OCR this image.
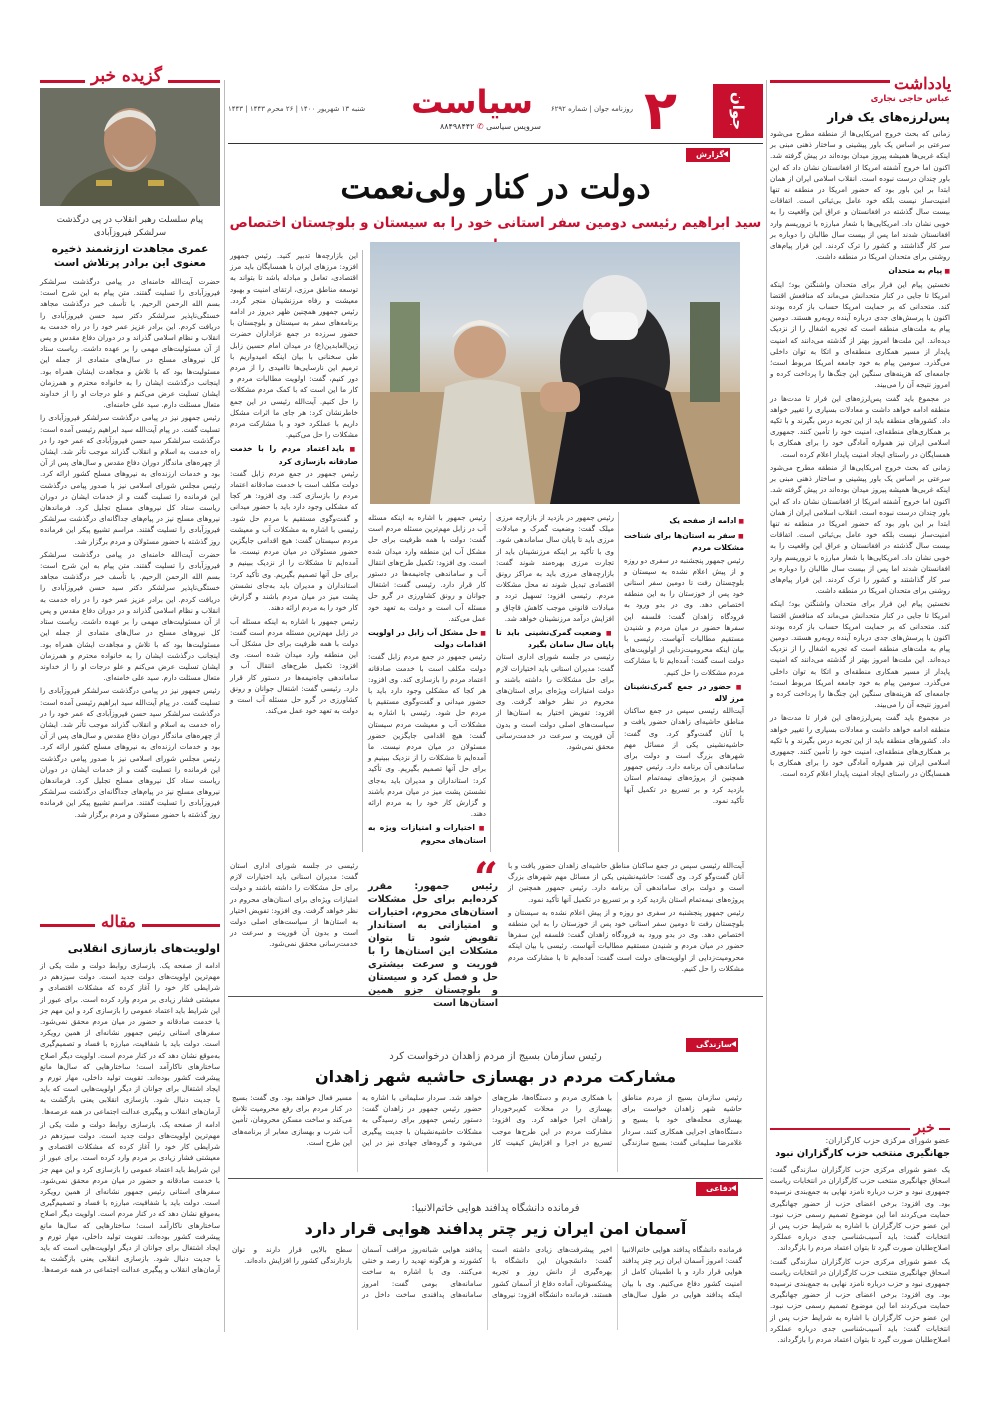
۲	جوان
روزنامه جوان | شماره ۶۲۹۲
سیاست
سرویس سیاسی ✆ ۸۸۴۹۸۴۴۲
شنبه ۱۳ شهریور ۱۴۰۰ | ۲۶ محرم ۱۴۴۳ | ۱۴۴۳
گزارش
دولت در کنار ولی‌نعمت
سید ابراهیم رئیسی دومین سفر استانی خود را به سیستان و بلوچستان اختصاص
■ ادامه از صفحه یک
■ سفر به استان‌ها برای شناخت مشکلات مردم

رئیس جمهور پنجشنبه در سفری دو روزه و از پیش اعلام نشده به سیستان و بلوچستان رفت تا دومین سفر استانی خود پس از خوزستان را به این منطقه اختصاص دهد. وی در بدو ورود به فرودگاه زاهدان گفت: فلسفه این سفرها حضور در میان مردم و شنیدن مستقیم مطالبات آنهاست. رئیسی با بیان اینکه محرومیت‌زدایی از اولویت‌های دولت است گفت: آمده‌ایم تا با مشارکت مردم مشکلات را حل کنیم.

■ حضور در جمع گمرک‌نشینان مرز لاله

آیت‌الله رئیسی سپس در جمع ساکنان مناطق حاشیه‌ای زاهدان حضور یافت و با آنان گفت‌وگو کرد. وی گفت: حاشیه‌نشینی یکی از مسائل مهم شهرهای بزرگ است و دولت برای ساماندهی آن برنامه دارد. رئیس جمهور همچنین از پروژه‌های نیمه‌تمام استان بازدید کرد و بر تسریع در تکمیل آنها تأکید نمود.

رئیس جمهور در بازدید از بازارچه مرزی میلک گفت: وضعیت گمرک و مبادلات مرزی باید تا پایان سال ساماندهی شود. وی با تأکید بر اینکه مرزنشینان باید از تجارت مرزی بهره‌مند شوند گفت: بازارچه‌های مرزی باید به مراکز رونق اقتصادی تبدیل شوند نه محل مشکلات مردم. رئیسی افزود: تسهیل تردد و مبادلات قانونی موجب کاهش قاچاق و افزایش درآمد مرزنشینان خواهد شد.

■ وضعیت گمرک‌نشینی باید تا پایان سال سامان بگیرد

رئیسی در جلسه شورای اداری استان گفت: مدیران استانی باید اختیارات لازم برای حل مشکلات را داشته باشند و دولت امتیازات ویژه‌ای برای استان‌های محروم در نظر خواهد گرفت. وی افزود: تفویض اختیار به استان‌ها از سیاست‌های اصلی دولت است و بدون آن فوریت و سرعت در خدمت‌رسانی محقق نمی‌شود.

رئیس جمهور با اشاره به اینکه مسئله آب در زابل مهم‌ترین مسئله مردم است گفت: دولت با همه ظرفیت برای حل مشکل آب این منطقه وارد میدان شده است. وی افزود: تکمیل طرح‌های انتقال آب و ساماندهی چاه‌نیمه‌ها در دستور کار قرار دارد. رئیسی گفت: اشتغال جوانان و رونق کشاورزی در گرو حل مسئله آب است و دولت به تعهد خود عمل می‌کند.

■ حل مشکل آب زابل در اولویت اقدامات دولت

رئیس جمهور در جمع مردم زابل گفت: دولت مکلف است با خدمت صادقانه اعتماد مردم را بازسازی کند. وی افزود: هر کجا که مشکلی وجود دارد باید با حضور میدانی و گفت‌وگوی مستقیم با مردم حل شود. رئیسی با اشاره به مشکلات آب و معیشت مردم سیستان گفت: هیچ اقدامی جایگزین حضور مسئولان در میان مردم نیست. ما آمده‌ایم تا مشکلات را از نزدیک ببینیم و برای حل آنها تصمیم بگیریم. وی تأکید کرد: استانداران و مدیران باید به‌جای نشستن پشت میز در میان مردم باشند و گزارش کار خود را به مردم ارائه دهند.

■ اختیارات و امتیازات ویژه به استان‌های محروم

این بازارچه‌ها تدبیر کنید. رئیس جمهور افزود: مرزهای ایران با همسایگان باید مرز اقتصادی، تعامل و مبادله باشد تا بتواند به توسعه مناطق مرزی، ارتقای امنیت و بهبود معیشت و رفاه مرزنشینان منجر گردد. رئیس جمهور همچنین ظهر دیروز در ادامه برنامه‌های سفر به سیستان و بلوچستان با حضور سرزده در جمع عزاداران حضرت زین‌العابدین(ع) در میدان امام حسین زابل طی سخنانی با بیان اینکه امیدواریم با ترمیم این نارسایی‌ها ناامیدی را از مردم دور کنیم، گفت: اولویت مطالبات مردم و کار ما این است که با کمک مردم مشکلات را حل کنیم. آیت‌الله رئیسی در این جمع خاطرنشان کرد: هر جای ما اثرات مشکل داریم با عملکرد خود و با مشارکت مردم مشکلات را حل می‌کنیم.

■ باید اعتماد مردم را با خدمت صادقانه بازسازی کرد

رئیس جمهور در جمع مردم زابل گفت: دولت مکلف است با خدمت صادقانه اعتماد مردم را بازسازی کند. وی افزود: هر کجا که مشکلی وجود دارد باید با حضور میدانی و گفت‌وگوی مستقیم با مردم حل شود. رئیسی با اشاره به مشکلات آب و معیشت مردم سیستان گفت: هیچ اقدامی جایگزین حضور مسئولان در میان مردم نیست. ما آمده‌ایم تا مشکلات را از نزدیک ببینیم و برای حل آنها تصمیم بگیریم. وی تأکید کرد: استانداران و مدیران باید به‌جای نشستن پشت میز در میان مردم باشند و گزارش کار خود را به مردم ارائه دهند.

رئیس جمهور با اشاره به اینکه مسئله آب در زابل مهم‌ترین مسئله مردم است گفت: دولت با همه ظرفیت برای حل مشکل آب این منطقه وارد میدان شده است. وی افزود: تکمیل طرح‌های انتقال آب و ساماندهی چاه‌نیمه‌ها در دستور کار قرار دارد. رئیسی گفت: اشتغال جوانان و رونق کشاورزی در گرو حل مسئله آب است و دولت به تعهد خود عمل می‌کند.

“
رئیس جمهور: مقرر کرده‌ایم برای حل مشکلات استان‌های محروم، اختیارات و امتیازاتی به استاندار تفویض شود تا بتوان مشکلات این استان‌ها را با فوریت و سرعت بیشتری حل و فصل کرد و سیستان و بلوچستان جزو همین استان‌ها است

رئیسی در جلسه شورای اداری استان گفت: مدیران استانی باید اختیارات لازم برای حل مشکلات را داشته باشند و دولت امتیازات ویژه‌ای برای استان‌های محروم در نظر خواهد گرفت. وی افزود: تفویض اختیار به استان‌ها از سیاست‌های اصلی دولت است و بدون آن فوریت و سرعت در خدمت‌رسانی محقق نمی‌شود.

آیت‌الله رئیسی سپس در جمع ساکنان مناطق حاشیه‌ای زاهدان حضور یافت و با آنان گفت‌وگو کرد. وی گفت: حاشیه‌نشینی یکی از مسائل مهم شهرهای بزرگ است و دولت برای ساماندهی آن برنامه دارد. رئیس جمهور همچنین از پروژه‌های نیمه‌تمام استان بازدید کرد و بر تسریع در تکمیل آنها تأکید نمود.

رئیس جمهور پنجشنبه در سفری دو روزه و از پیش اعلام نشده به سیستان و بلوچستان رفت تا دومین سفر استانی خود پس از خوزستان را به این منطقه اختصاص دهد. وی در بدو ورود به فرودگاه زاهدان گفت: فلسفه این سفرها حضور در میان مردم و شنیدن مستقیم مطالبات آنهاست. رئیسی با بیان اینکه محرومیت‌زدایی از اولویت‌های دولت است گفت: آمده‌ایم تا با مشارکت مردم مشکلات را حل کنیم.

سازندگی
رئیس سازمان بسیج از مردم زاهدان درخواست کرد
مشارکت مردم در بهسازی حاشیه شهر زاهدان

رئیس سازمان بسیج از مردم مناطق حاشیه شهر زاهدان خواست برای بهسازی محله‌های خود با بسیج و دستگاه‌های اجرایی همکاری کنند. سردار غلامرضا سلیمانی گفت: بسیج سازندگی با همکاری مردم و دستگاه‌ها، طرح‌های بهسازی را در محلات کم‌برخوردار زاهدان اجرا خواهد کرد. وی افزود: مشارکت مردم در این طرح‌ها موجب تسریع در اجرا و افزایش کیفیت کار خواهد شد. سردار سلیمانی با اشاره به حضور رئیس جمهور در زاهدان گفت: دستور رئیس جمهور برای رسیدگی به مشکلات حاشیه‌نشینان با جدیت پیگیری می‌شود و گروه‌های جهادی نیز در این مسیر فعال خواهند بود. وی گفت: بسیج در کنار مردم برای رفع محرومیت تلاش می‌کند و ساخت مسکن محرومان، تأمین آب شرب و بهسازی معابر از برنامه‌های این طرح است.

دفاعی
فرمانده دانشگاه پدافند هوایی خاتم‌الانبیا:
آسمان امن ایران زیر چتر پدافند هوایی قرار دارد

فرمانده دانشگاه پدافند هوایی خاتم‌الانبیا گفت: امروز آسمان ایران زیر چتر پدافند هوایی قرار دارد و با اطمینان کامل از امنیت کشور دفاع می‌کنیم. وی با بیان اینکه پدافند هوایی در طول سال‌های اخیر پیشرفت‌های زیادی داشته است گفت: دانشجویان این دانشگاه با بهره‌گیری از دانش روز و تجربه پیشکسوتان، آماده دفاع از آسمان کشور هستند. فرمانده دانشگاه افزود: نیروهای پدافند هوایی شبانه‌روز مراقب آسمان کشورند و هرگونه تهدید را رصد و خنثی می‌کنند. وی با اشاره به ساخت سامانه‌های بومی گفت: امروز سامانه‌های پدافندی ساخت داخل در سطح بالایی قرار دارند و توان بازدارندگی کشور را افزایش داده‌اند.

یادداشت
عباس حاجی نجاری
پس‌لرزه‌های یک فرار

زمانی که بحث خروج امریکایی‌ها از منطقه مطرح می‌شود سرعتی بر اساس یک باور پیشینی و ساختار ذهنی مبنی بر اینکه غربی‌ها همیشه پیروز میدان بوده‌اند در پیش گرفته شد. اکنون اما خروج آشفته امریکا از افغانستان نشان داد که این باور چندان درست نبوده است. انقلاب اسلامی ایران از همان ابتدا بر این باور بود که حضور امریکا در منطقه نه تنها امنیت‌ساز نیست بلکه خود عامل بی‌ثباتی است. اتفاقات بیست سال گذشته در افغانستان و عراق این واقعیت را به خوبی نشان داد. امریکایی‌ها با شعار مبارزه با تروریسم وارد افغانستان شدند اما پس از بیست سال طالبان را دوباره بر سر کار گذاشتند و کشور را ترک کردند. این فرار پیام‌های روشنی برای متحدان امریکا در منطقه داشت.

■ پیام به متحدان

نخستین پیام این فرار برای متحدان واشنگتن بود؛ اینکه امریکا تا جایی در کنار متحدانش می‌ماند که منافعش اقتضا کند. متحدانی که بر حمایت امریکا حساب باز کرده بودند اکنون با پرسش‌های جدی درباره آینده روبه‌رو هستند. دومین پیام به ملت‌های منطقه است که تجربه اشغال را از نزدیک دیده‌اند. این ملت‌ها امروز بهتر از گذشته می‌دانند که امنیت پایدار از مسیر همکاری منطقه‌ای و اتکا به توان داخلی می‌گذرد. سومین پیام به خود جامعه امریکا مربوط است؛ جامعه‌ای که هزینه‌های سنگین این جنگ‌ها را پرداخت کرده و امروز نتیجه آن را می‌بیند.

در مجموع باید گفت پس‌لرزه‌های این فرار تا مدت‌ها در منطقه ادامه خواهد داشت و معادلات بسیاری را تغییر خواهد داد. کشورهای منطقه باید از این تجربه درس بگیرند و با تکیه بر همکاری‌های منطقه‌ای، امنیت خود را تأمین کنند. جمهوری اسلامی ایران نیز همواره آمادگی خود را برای همکاری با همسایگان در راستای ایجاد امنیت پایدار اعلام کرده است.

زمانی که بحث خروج امریکایی‌ها از منطقه مطرح می‌شود سرعتی بر اساس یک باور پیشینی و ساختار ذهنی مبنی بر اینکه غربی‌ها همیشه پیروز میدان بوده‌اند در پیش گرفته شد. اکنون اما خروج آشفته امریکا از افغانستان نشان داد که این باور چندان درست نبوده است. انقلاب اسلامی ایران از همان ابتدا بر این باور بود که حضور امریکا در منطقه نه تنها امنیت‌ساز نیست بلکه خود عامل بی‌ثباتی است. اتفاقات بیست سال گذشته در افغانستان و عراق این واقعیت را به خوبی نشان داد. امریکایی‌ها با شعار مبارزه با تروریسم وارد افغانستان شدند اما پس از بیست سال طالبان را دوباره بر سر کار گذاشتند و کشور را ترک کردند. این فرار پیام‌های روشنی برای متحدان امریکا در منطقه داشت.

نخستین پیام این فرار برای متحدان واشنگتن بود؛ اینکه امریکا تا جایی در کنار متحدانش می‌ماند که منافعش اقتضا کند. متحدانی که بر حمایت امریکا حساب باز کرده بودند اکنون با پرسش‌های جدی درباره آینده روبه‌رو هستند. دومین پیام به ملت‌های منطقه است که تجربه اشغال را از نزدیک دیده‌اند. این ملت‌ها امروز بهتر از گذشته می‌دانند که امنیت پایدار از مسیر همکاری منطقه‌ای و اتکا به توان داخلی می‌گذرد. سومین پیام به خود جامعه امریکا مربوط است؛ جامعه‌ای که هزینه‌های سنگین این جنگ‌ها را پرداخت کرده و امروز نتیجه آن را می‌بیند.

در مجموع باید گفت پس‌لرزه‌های این فرار تا مدت‌ها در منطقه ادامه خواهد داشت و معادلات بسیاری را تغییر خواهد داد. کشورهای منطقه باید از این تجربه درس بگیرند و با تکیه بر همکاری‌های منطقه‌ای، امنیت خود را تأمین کنند. جمهوری اسلامی ایران نیز همواره آمادگی خود را برای همکاری با همسایگان در راستای ایجاد امنیت پایدار اعلام کرده است.

خبر
عضو شورای مرکزی حزب کارگزاران:
جهانگیری منتخب حزب کارگزاران نبود

یک عضو شورای مرکزی حزب کارگزاران سازندگی گفت: اسحاق جهانگیری منتخب حزب کارگزاران در انتخابات ریاست جمهوری نبود و حزب درباره نامزد نهایی به جمع‌بندی نرسیده بود. وی افزود: برخی اعضای حزب از حضور جهانگیری حمایت می‌کردند اما این موضوع تصمیم رسمی حزب نبود. این عضو حزب کارگزاران با اشاره به شرایط حزب پس از انتخابات گفت: باید آسیب‌شناسی جدی درباره عملکرد اصلاح‌طلبان صورت گیرد تا بتوان اعتماد مردم را بازگرداند.

یک عضو شورای مرکزی حزب کارگزاران سازندگی گفت: اسحاق جهانگیری منتخب حزب کارگزاران در انتخابات ریاست جمهوری نبود و حزب درباره نامزد نهایی به جمع‌بندی نرسیده بود. وی افزود: برخی اعضای حزب از حضور جهانگیری حمایت می‌کردند اما این موضوع تصمیم رسمی حزب نبود. این عضو حزب کارگزاران با اشاره به شرایط حزب پس از انتخابات گفت: باید آسیب‌شناسی جدی درباره عملکرد اصلاح‌طلبان صورت گیرد تا بتوان اعتماد مردم را بازگرداند.

گزیده خبر
پیام سلسلت رهبر انقلاب در پی درگذشت سرلشکر فیروزآبادی
عمری مجاهدت ارزشمند ذخیره معنوی این برادر پرتلاش است

حضرت آیت‌الله خامنه‌ای در پیامی درگذشت سرلشکر فیروزآبادی را تسلیت گفتند. متن پیام به این شرح است: بسم الله الرحمن الرحیم. با تأسف خبر درگذشت مجاهد خستگی‌ناپذیر سرلشکر دکتر سید حسن فیروزآبادی را دریافت کردم. این برادر عزیز عمر خود را در راه خدمت به انقلاب و نظام اسلامی گذراند و در دوران دفاع مقدس و پس از آن مسئولیت‌های مهمی را بر عهده داشت. ریاست ستاد کل نیروهای مسلح در سال‌های متمادی از جمله این مسئولیت‌ها بود که با تلاش و مجاهدت ایشان همراه بود. اینجانب درگذشت ایشان را به خانواده محترم و همرزمان ایشان تسلیت عرض می‌کنم و علو درجات او را از خداوند متعال مسئلت دارم. سید علی خامنه‌ای.

رئیس جمهور نیز در پیامی درگذشت سرلشکر فیروزآبادی را تسلیت گفت. در پیام آیت‌الله سید ابراهیم رئیسی آمده است: درگذشت سرلشکر سید حسن فیروزآبادی که عمر خود را در راه خدمت به اسلام و انقلاب گذراند موجب تأثر شد. ایشان از چهره‌های ماندگار دوران دفاع مقدس و سال‌های پس از آن بود و خدمات ارزنده‌ای به نیروهای مسلح کشور ارائه کرد. رئیس مجلس شورای اسلامی نیز با صدور پیامی درگذشت این فرمانده را تسلیت گفت و از خدمات ایشان در دوران ریاست ستاد کل نیروهای مسلح تجلیل کرد. فرماندهان نیروهای مسلح نیز در پیام‌های جداگانه‌ای درگذشت سرلشکر فیروزآبادی را تسلیت گفتند. مراسم تشییع پیکر این فرمانده روز گذشته با حضور مسئولان و مردم برگزار شد.

حضرت آیت‌الله خامنه‌ای در پیامی درگذشت سرلشکر فیروزآبادی را تسلیت گفتند. متن پیام به این شرح است: بسم الله الرحمن الرحیم. با تأسف خبر درگذشت مجاهد خستگی‌ناپذیر سرلشکر دکتر سید حسن فیروزآبادی را دریافت کردم. این برادر عزیز عمر خود را در راه خدمت به انقلاب و نظام اسلامی گذراند و در دوران دفاع مقدس و پس از آن مسئولیت‌های مهمی را بر عهده داشت. ریاست ستاد کل نیروهای مسلح در سال‌های متمادی از جمله این مسئولیت‌ها بود که با تلاش و مجاهدت ایشان همراه بود. اینجانب درگذشت ایشان را به خانواده محترم و همرزمان ایشان تسلیت عرض می‌کنم و علو درجات او را از خداوند متعال مسئلت دارم. سید علی خامنه‌ای.

رئیس جمهور نیز در پیامی درگذشت سرلشکر فیروزآبادی را تسلیت گفت. در پیام آیت‌الله سید ابراهیم رئیسی آمده است: درگذشت سرلشکر سید حسن فیروزآبادی که عمر خود را در راه خدمت به اسلام و انقلاب گذراند موجب تأثر شد. ایشان از چهره‌های ماندگار دوران دفاع مقدس و سال‌های پس از آن بود و خدمات ارزنده‌ای به نیروهای مسلح کشور ارائه کرد. رئیس مجلس شورای اسلامی نیز با صدور پیامی درگذشت این فرمانده را تسلیت گفت و از خدمات ایشان در دوران ریاست ستاد کل نیروهای مسلح تجلیل کرد. فرماندهان نیروهای مسلح نیز در پیام‌های جداگانه‌ای درگذشت سرلشکر فیروزآبادی را تسلیت گفتند. مراسم تشییع پیکر این فرمانده روز گذشته با حضور مسئولان و مردم برگزار شد.

مقاله
اولویت‌های بازسازی انقلابی

ادامه از صفحه یک. بازسازی روابط دولت و ملت یکی از مهم‌ترین اولویت‌های دولت جدید است. دولت سیزدهم در شرایطی کار خود را آغاز کرده که مشکلات اقتصادی و معیشتی فشار زیادی بر مردم وارد کرده است. برای عبور از این شرایط باید اعتماد عمومی را بازسازی کرد و این مهم جز با خدمت صادقانه و حضور در میان مردم محقق نمی‌شود. سفرهای استانی رئیس جمهور نشانه‌ای از همین رویکرد است. دولت باید با شفافیت، مبارزه با فساد و تصمیم‌گیری به‌موقع نشان دهد که در کنار مردم است. اولویت دیگر اصلاح ساختارهای ناکارآمد است؛ ساختارهایی که سال‌ها مانع پیشرفت کشور بوده‌اند. تقویت تولید داخلی، مهار تورم و ایجاد اشتغال برای جوانان از دیگر اولویت‌هایی است که باید با جدیت دنبال شود. بازسازی انقلابی یعنی بازگشت به آرمان‌های انقلاب و پیگیری عدالت اجتماعی در همه عرصه‌ها.

ادامه از صفحه یک. بازسازی روابط دولت و ملت یکی از مهم‌ترین اولویت‌های دولت جدید است. دولت سیزدهم در شرایطی کار خود را آغاز کرده که مشکلات اقتصادی و معیشتی فشار زیادی بر مردم وارد کرده است. برای عبور از این شرایط باید اعتماد عمومی را بازسازی کرد و این مهم جز با خدمت صادقانه و حضور در میان مردم محقق نمی‌شود. سفرهای استانی رئیس جمهور نشانه‌ای از همین رویکرد است. دولت باید با شفافیت، مبارزه با فساد و تصمیم‌گیری به‌موقع نشان دهد که در کنار مردم است. اولویت دیگر اصلاح ساختارهای ناکارآمد است؛ ساختارهایی که سال‌ها مانع پیشرفت کشور بوده‌اند. تقویت تولید داخلی، مهار تورم و ایجاد اشتغال برای جوانان از دیگر اولویت‌هایی است که باید با جدیت دنبال شود. بازسازی انقلابی یعنی بازگشت به آرمان‌های انقلاب و پیگیری عدالت اجتماعی در همه عرصه‌ها.
